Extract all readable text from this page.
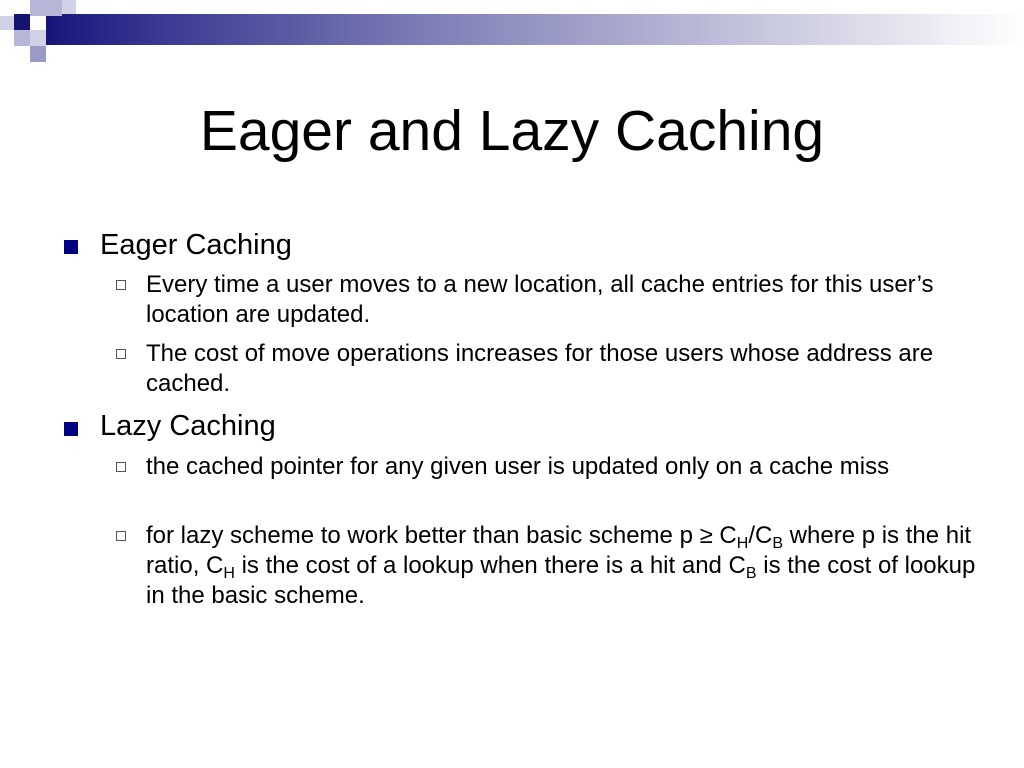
Eager and Lazy Caching
Eager Caching
Every time a user moves to a new location, all cache entries for this user’s location are updated.
The cost of move operations increases for those users whose address are cached.
Lazy Caching
the cached pointer for any given user is updated only on a cache miss
for lazy scheme to work better than basic scheme $p \ge C_H/C_B$ where p is the hit ratio, $C_H$ is the cost of a lookup when there is a hit and $C_B$ is the cost of lookup in the basic scheme.
